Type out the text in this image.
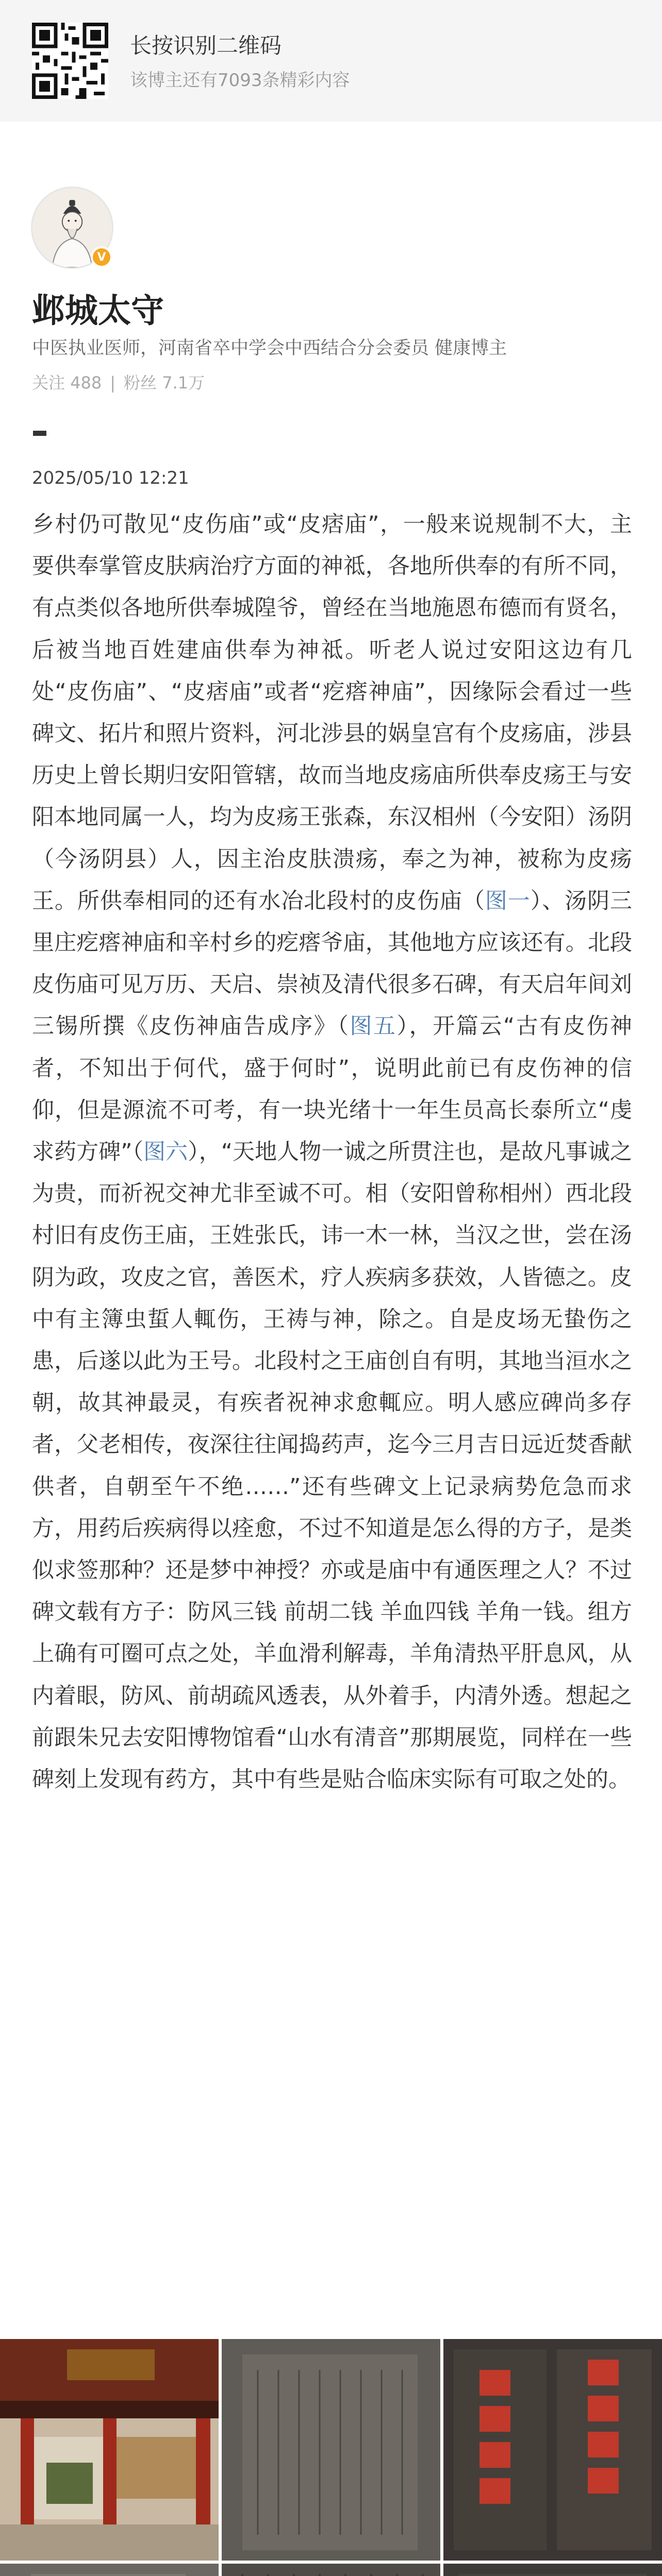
长按识别二维码
该博主还有7093条精彩内容
V
邺城太守
中医执业医师，河南省卒中学会中西结合分会委员 健康博主
关注 488 | 粉丝 7.1万
2025/05/10 12:21
乡村仍可散见“皮伤庙”或“皮痞庙”，一般来说规制不大，主要供奉掌管皮肤病治疗方面的神祗，各地所供奉的有所不同，有点类似各地所供奉城隍爷，曾经在当地施恩布德而有贤名，后被当地百姓建庙供奉为神祗。听老人说过安阳这边有几处“皮伤庙”、“皮痞庙”或者“疙瘩神庙”，因缘际会看过一些碑文、拓片和照片资料，河北涉县的娲皇宫有个皮疡庙，涉县历史上曾长期归安阳管辖，故而当地皮疡庙所供奉皮疡王与安阳本地同属一人，均为皮疡王张森，东汉相州（今安阳）汤阴（今汤阴县）人，因主治皮肤溃疡，奉之为神，被称为皮疡王。所供奉相同的还有水冶北段村的皮伤庙（图一）、汤阴三里庄疙瘩神庙和辛村乡的疙瘩爷庙，其他地方应该还有。北段皮伤庙可见万历、天启、崇祯及清代很多石碑，有天启年间刘三锡所撰《皮伤神庙告成序》（图五），开篇云“古有皮伤神者，不知出于何代，盛于何时”，说明此前已有皮伤神的信仰，但是源流不可考，有一块光绪十一年生员高长泰所立“虔求药方碑”（图六），“天地人物一诚之所贯注也，是故凡事诚之为贵，而祈祝交神尤非至诚不可。相（安阳曾称相州）西北段村旧有皮伤王庙，王姓张氏，讳一木一林，当汉之世，尝在汤阴为政，攻皮之官，善医术，疗人疾病多获效，人皆德之。皮中有主簿虫蜇人輒伤，王祷与神，除之。自是皮场无蛰伤之患，后遂以此为王号。北段村之王庙创自有明，其地当洹水之朝，故其神最灵，有疾者祝神求愈輒应。明人感应碑尚多存者，父老相传，夜深往往闻捣药声，迄今三月吉日远近焚香献供者，自朝至午不绝……”还有些碑文上记录病势危急而求方，用药后疾病得以痊愈，不过不知道是怎么得的方子，是类似求签那种？还是梦中神授？亦或是庙中有通医理之人？不过碑文载有方子：防风三钱 前胡二钱 羊血四钱 羊角一钱。组方上确有可圈可点之处，羊血滑利解毒，羊角清热平肝息风，从内着眼，防风、前胡疏风透表，从外着手，内清外透。想起之前跟朱兄去安阳博物馆看“山水有清音”那期展览，同样在一些碑刻上发现有药方，其中有些是贴合临床实际有可取之处的。
